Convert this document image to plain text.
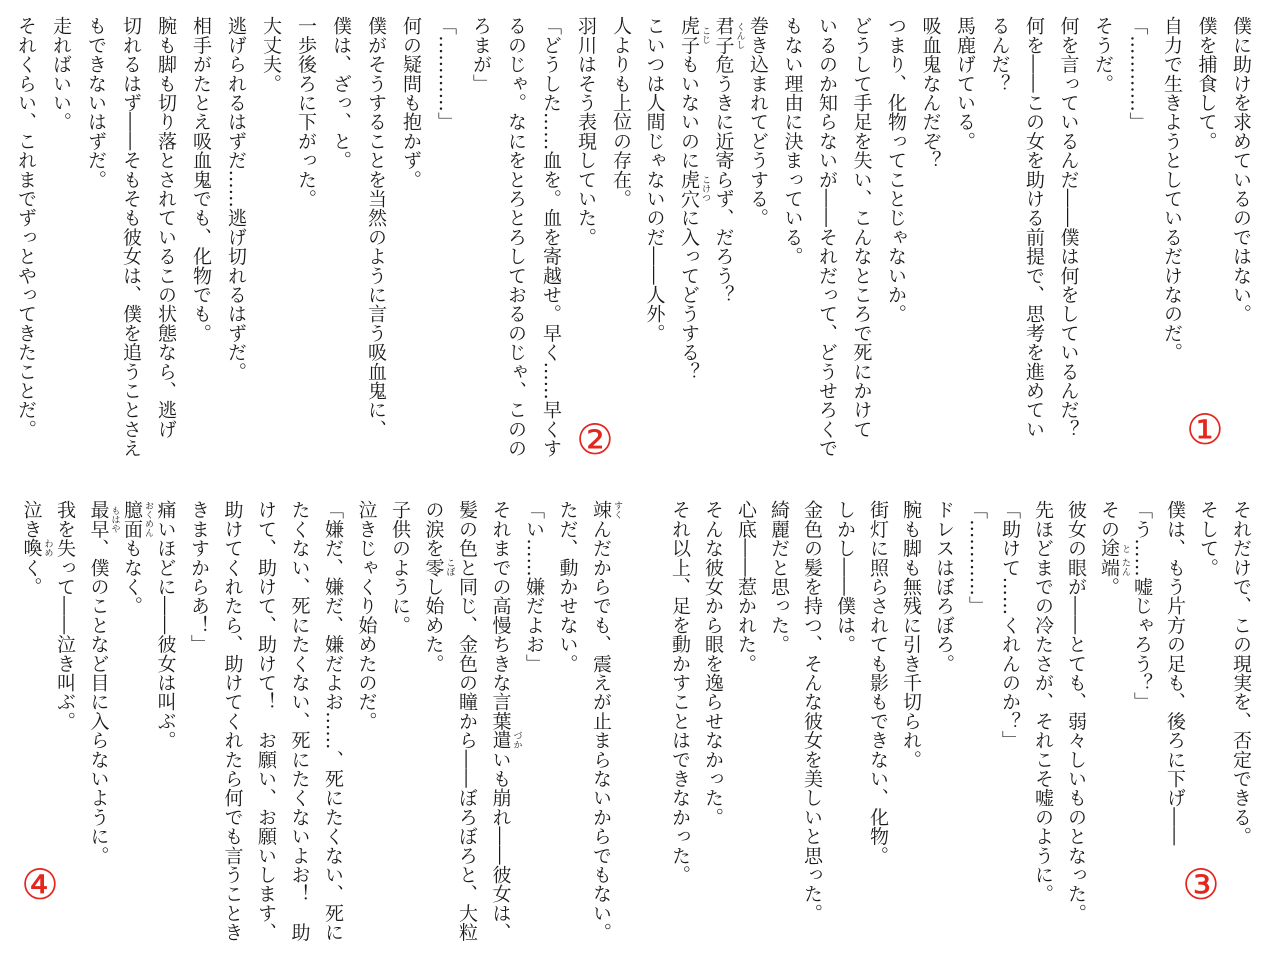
僕に助けを求めているのではない。
僕を捕食して。
自力で生きようとしているだけなのだ。
「…………」
そうだ。
何を言っているんだ――僕は何をしているんだ？
何を――この女を助ける前提で、思考を進めてい
るんだ？
馬鹿げている。
吸血鬼なんだぞ？
つまり、化物ってことじゃないか。
どうして手足を失い、こんなところで死にかけて
いるのか知らないが――それだって、どうせろくで
もない理由に決まっている。
巻き込まれてどうする。
君子 くんし
危うきに近寄らず、だろう？
虎子 こじ
もいないのに虎穴 こけつ
に入ってどうする？
こいつは人間じゃないのだ――人外。
人よりも上位の存在。
羽川はそう表現していた。
「どうした……血を。血を寄越せ。早く……早くす
るのじゃ。なにをとろとろしておるのじゃ、このの
ろまが」
「…………」
何の疑問も抱かず。
僕がそうすることを当然のように言う吸血鬼に、
僕は、ざっ、と。
一歩後ろに下がった。
大丈夫。
逃げられるはずだ……逃げ切れるはずだ。
相手がたとえ吸血鬼でも、化物でも。
腕も脚も切り落とされているこの状態なら、逃げ
切れるはず――そもそも彼女は、僕を追うことさえ
もできないはずだ。
走ればいい。
それくらい、これまでずっとやってきたことだ。
それだけで、この現実を、否定できる。
そして。
僕は、もう片方の足も、後ろに下げ――
「う……嘘じゃろう？」
その途 と
端 たん
。
彼女の眼が――とても、弱々しいものとなった。
先ほどまでの冷たさが、それこそ嘘のように。
「助けて……くれんのか？」
「…………」
ドレスはぼろぼろ。
腕も脚も無残に引き千切られ。
街灯に照らされても影もできない、化物。
しかし――僕は。
金色の髪を持つ、そんな彼女を美しいと思った。
綺麗だと思った。
心底――惹かれた。
そんな彼女から眼を逸らせなかった。
それ以上、足を動かすことはできなかった。
竦 すく
んだからでも、震えが止まらないからでもない。
ただ、動かせない。
「い……嫌だよお」
それまでの高慢ちきな言葉遣 づか
いも崩れ――彼女は、
髪の色と同じ、金色の瞳から――ぼろぼろと、大粒
の涙を零 こぼ
し始めた。
子供のように。
泣きじゃくり始めたのだ。
「嫌だ、嫌だ、嫌だよお……、死にたくない、死に
たくない、死にたくない、死にたくないよお！　助
けて、助けて、助けて！　お願い、お願いします、
助けてくれたら、助けてくれたら何でも言うことき
きますからあ！」
痛いほどに――彼女は叫ぶ。
臆面 おくめん
もなく。
最早 もはや
、僕のことなど目に入らないように。
我を失って――泣き叫ぶ。
泣き喚 わめ
く。
①
②
③
④
